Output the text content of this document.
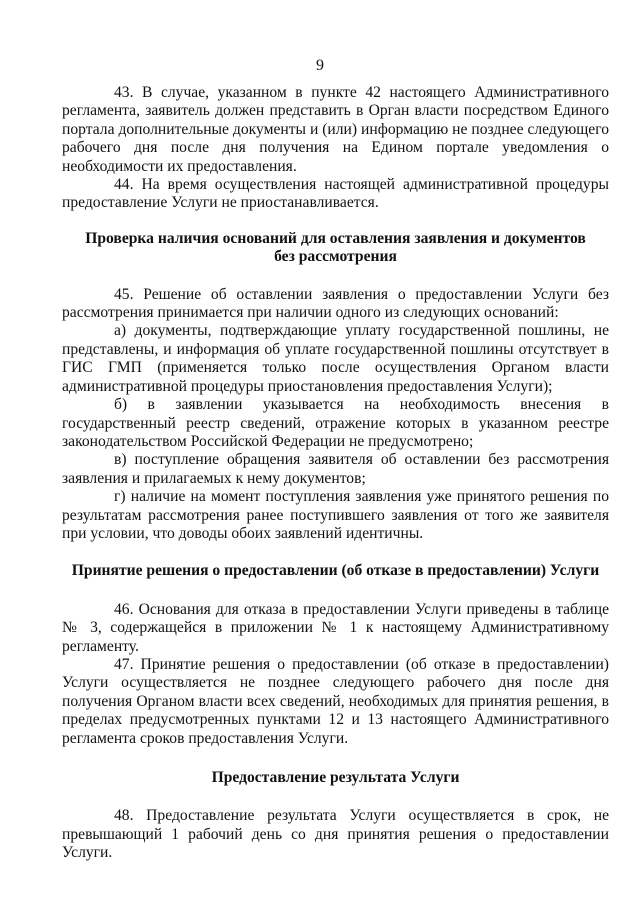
9

43. В случае, указанном в пункте 42 настоящего Административного регламента, заявитель должен представить в Орган власти посредством Единого портала дополнительные документы и (или) информацию не позднее следующего рабочего дня после дня получения на Едином портале уведомления о необходимости их предоставления.

44. На время осуществления настоящей административной процедуры предоставление Услуги не приостанавливается.

Проверка наличия оснований для оставления заявления и документов
без рассмотрения

45. Решение об оставлении заявления о предоставлении Услуги без рассмотрения принимается при наличии одного из следующих оснований:

а) документы, подтверждающие уплату государственной пошлины, не представлены, и информация об уплате государственной пошлины отсутствует в ГИС ГМП (применяется только после осуществления Органом власти административной процедуры приостановления предоставления Услуги);

б) в заявлении указывается на необходимость внесения в государственный реестр сведений, отражение которых в указанном реестре законодательством Российской Федерации не предусмотрено;

в) поступление обращения заявителя об оставлении без рассмотрения заявления и прилагаемых к нему документов;

г) наличие на момент поступления заявления уже принятого решения по результатам рассмотрения ранее поступившего заявления от того же заявителя при условии, что доводы обоих заявлений идентичны.

Принятие решения о предоставлении (об отказе в предоставлении) Услуги

46. Основания для отказа в предоставлении Услуги приведены в таблице № 3, содержащейся в приложении № 1 к настоящему Административному регламенту.

47. Принятие решения о предоставлении (об отказе в предоставлении) Услуги осуществляется не позднее следующего рабочего дня после дня получения Органом власти всех сведений, необходимых для принятия решения, в пределах предусмотренных пунктами 12 и 13 настоящего Административного регламента сроков предоставления Услуги.

Предоставление результата Услуги

48. Предоставление результата Услуги осуществляется в срок, не превышающий 1 рабочий день со дня принятия решения о предоставлении Услуги.
